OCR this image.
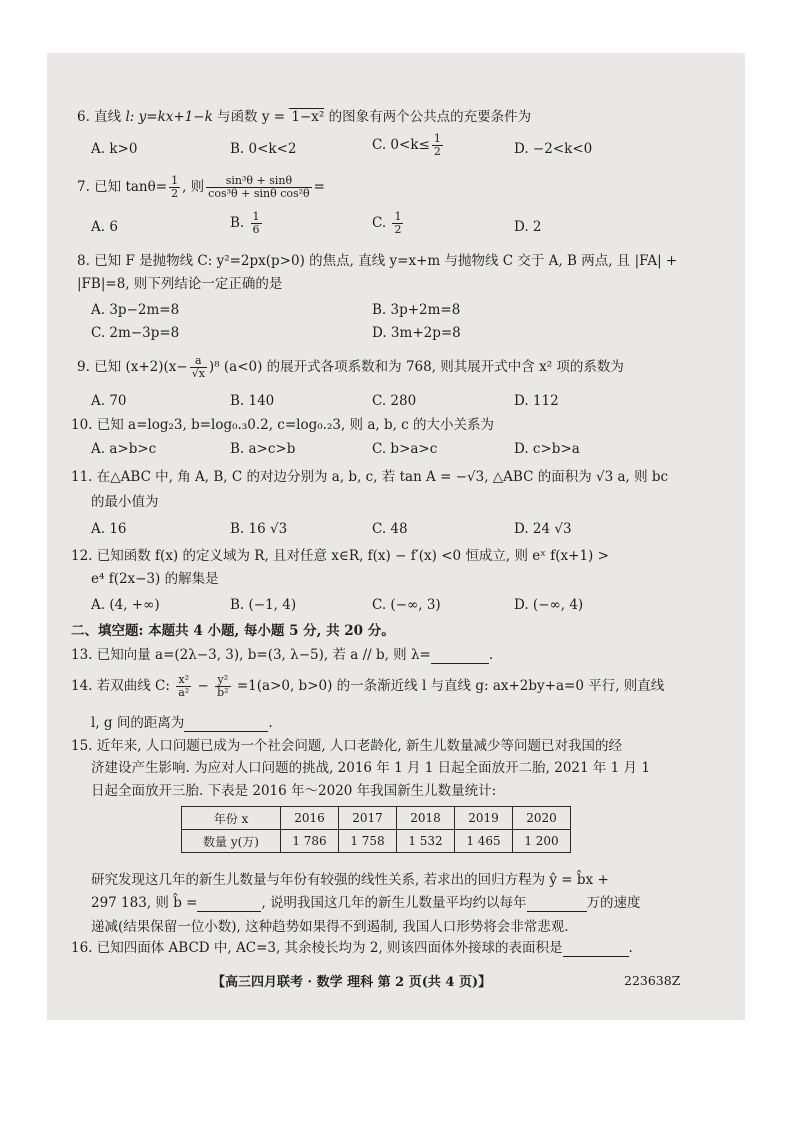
6. 直线 l: y=kx+1−k 与函数 y = 1−x² 的图象有两个公共点的充要条件为
A. k>0	B. 0<k<2	C. $0<k\le \frac{1}{2}$	D. −2<k<0
7. 已知 $\tan\theta= \frac{1}{2}$ , 则 $\frac{\text{sin³θ + sinθ}}{\text{cos³θ + sinθ cos²θ}}$ =
A. 6	B. $\frac{1}{6}$	C. $\frac{1}{2}$	D. 2
8. 已知 F 是抛物线 C: y²=2px(p>0) 的焦点, 直线 y=x+m 与抛物线 C 交于 A, B 两点, 且 |FA| +
|FB|=8, 则下列结论一定正确的是
A. 3p−2m=8	B. 3p+2m=8
C. 2m−3p=8	D. 3m+2p=8
9. 已知 $(x+2)(x- \frac{a}{√x} )^8$ (a<0) 的展开式各项系数和为 768, 则其展开式中含 x² 项的系数为
A. 70	B. 140	C. 280	D. 112
10. 已知 a=log₂3, b=log₀.₃0.2, c=log₀.₂3, 则 a, b, c 的大小关系为
A. a>b>c	B. a>c>b	C. b>a>c	D. c>b>a
11. 在△ABC 中, 角 A, B, C 的对边分别为 a, b, c, 若 tan A = −√3, △ABC 的面积为 √3 a, 则 bc
的最小值为
A. 16	B. 16 √3	C. 48	D. 24 √3
12. 已知函数 f(x) 的定义域为 R, 且对任意 x∈R, f(x) − f′(x) <0 恒成立, 则 eˣ f(x+1) >
e⁴ f(2x−3) 的解集是
A. (4, +∞)	B. (−1, 4)	C. (−∞, 3)	D. (−∞, 4)
二、填空题: 本题共 4 小题, 每小题 5 分, 共 20 分。
13. 已知向量 a=(2λ−3, 3), b=(3, λ−5), 若 a // b, 则 λ=	.
14. 若双曲线 C: $\frac{\text{x²}}{\text{a²}} - \frac{\text{y²}}{\text{b²}} =1(a>0$, b>0) 的一条渐近线 l 与直线 g: ax+2by+a=0 平行, 则直线
l, g 间的距离为	.
15. 近年来, 人口问题已成为一个社会问题, 人口老龄化, 新生儿数量减少等问题已对我国的经
济建设产生影响. 为应对人口问题的挑战, 2016 年 1 月 1 日起全面放开二胎, 2021 年 1 月 1
日起全面放开三胎. 下表是 2016 年～2020 年我国新生儿数量统计:
研究发现这几年的新生儿数量与年份有较强的线性关系, 若求出的回归方程为 ŷ = b̂x +
297 183, 则 b̂ =	, 说明我国这几年的新生儿数量平均约以每年	万的速度
递减(结果保留一位小数), 这种趋势如果得不到遏制, 我国人口形势将会非常悲观.
16. 已知四面体 ABCD 中, AC=3, 其余棱长均为 2, 则该四面体外接球的表面积是	.
【高三四月联考 · 数学 理科 第 2 页(共 4 页)】	223638Z
年份 x	2016	2017	2018	2019	2020
数量 y(万)	1 786	1 758	1 532	1 465	1 200
